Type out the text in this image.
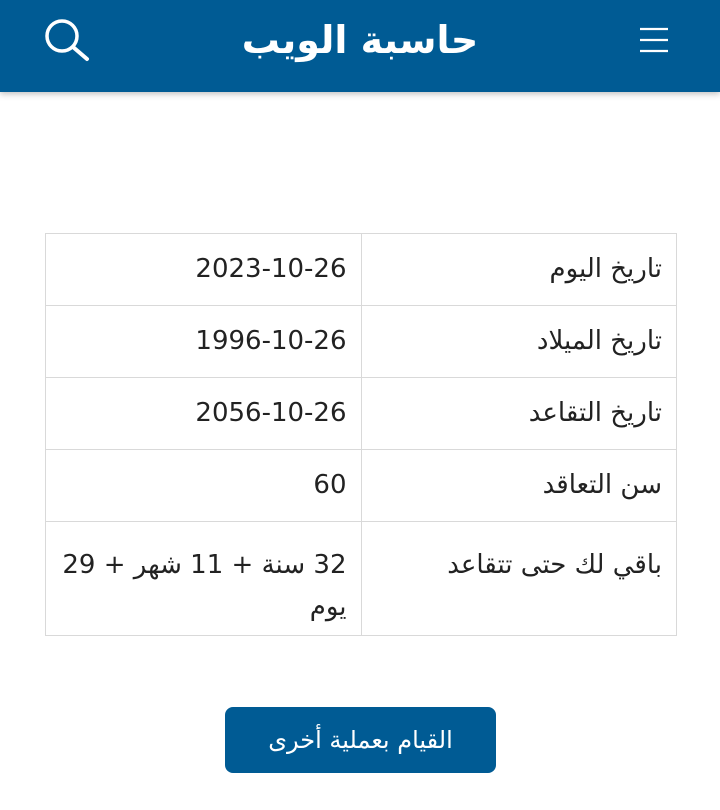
حاسبة الويب
تاريخ اليوم	2023-10-26
تاريخ الميلاد	1996-10-26
تاريخ التقاعد	2056-10-26
سن التعاقد	60
باقي لك حتى تتقاعد	32 سنة + 11 شهر + 29 يوم
القيام بعملية أخرى
